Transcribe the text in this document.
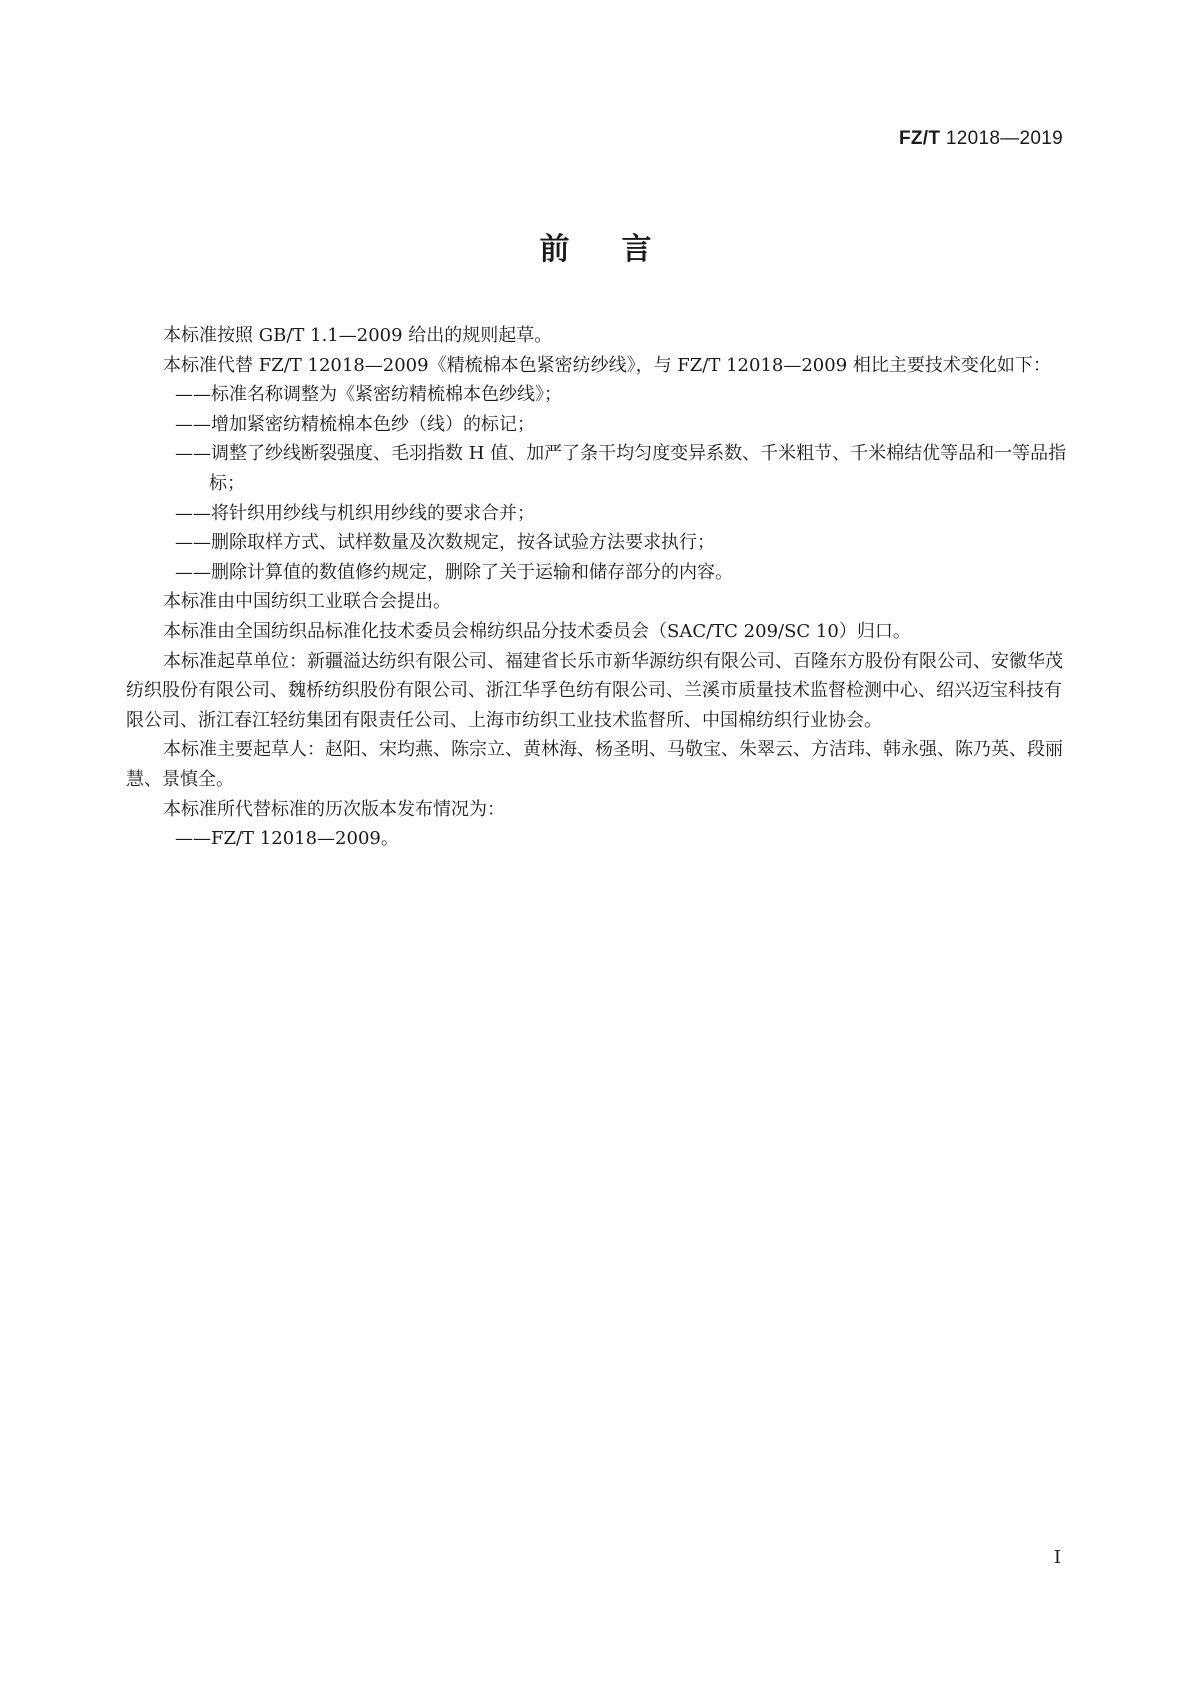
FZ/T 12018—2019
前言

本标准按照 GB/T 1.1—2009 给出的规则起草。

本标准代替 FZ/T 12018—2009《精梳棉本色紧密纺纱线》，与 FZ/T 12018—2009 相比主要技术变化如下：

——标准名称调整为《紧密纺精梳棉本色纱线》；

——增加紧密纺精梳棉本色纱（线）的标记；

——调整了纱线断裂强度、毛羽指数 H 值、加严了条干均匀度变异系数、千米粗节、千米棉结优等品和一等品指标；

——将针织用纱线与机织用纱线的要求合并；

——删除取样方式、试样数量及次数规定，按各试验方法要求执行；

——删除计算值的数值修约规定，删除了关于运输和储存部分的内容。

本标准由中国纺织工业联合会提出。

本标准由全国纺织品标准化技术委员会棉纺织品分技术委员会（SAC/TC 209/SC 10）归口。

本标准起草单位：新疆溢达纺织有限公司、福建省长乐市新华源纺织有限公司、百隆东方股份有限公司、安徽华茂纺织股份有限公司、魏桥纺织股份有限公司、浙江华孚色纺有限公司、兰溪市质量技术监督检测中心、绍兴迈宝科技有限公司、浙江春江轻纺集团有限责任公司、上海市纺织工业技术监督所、中国棉纺织行业协会。

本标准主要起草人：赵阳、宋均燕、陈宗立、黄林海、杨圣明、马敬宝、朱翠云、方洁玮、韩永强、陈乃英、段丽慧、景慎全。

本标准所代替标准的历次版本发布情况为：

——FZ/T 12018—2009。

I
